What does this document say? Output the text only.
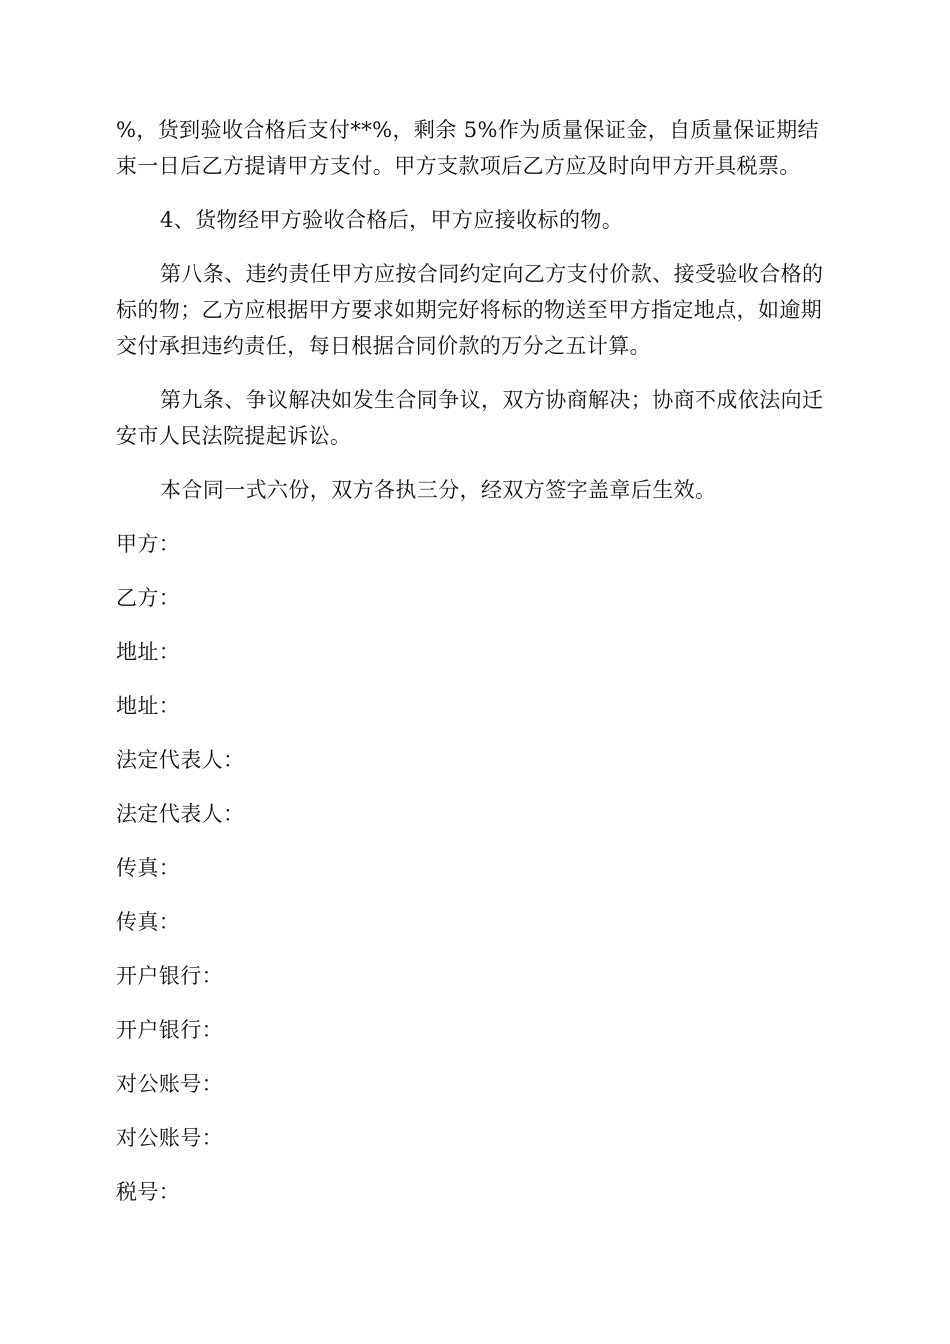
%，货到验收合格后支付**%，剩余 5%作为质量保证金，自质量保证期结束一日后乙方提请甲方支付。甲方支款项后乙方应及时向甲方开具税票。

4、货物经甲方验收合格后，甲方应接收标的物。

第八条、违约责任甲方应按合同约定向乙方支付价款、接受验收合格的标的物；乙方应根据甲方要求如期完好将标的物送至甲方指定地点，如逾期交付承担违约责任，每日根据合同价款的万分之五计算。

第九条、争议解决如发生合同争议，双方协商解决；协商不成依法向迁安市人民法院提起诉讼。

本合同一式六份，双方各执三分，经双方签字盖章后生效。

甲方：

乙方：

地址：

地址：

法定代表人：

法定代表人：

传真：

传真：

开户银行：

开户银行：

对公账号：

对公账号：

税号：
